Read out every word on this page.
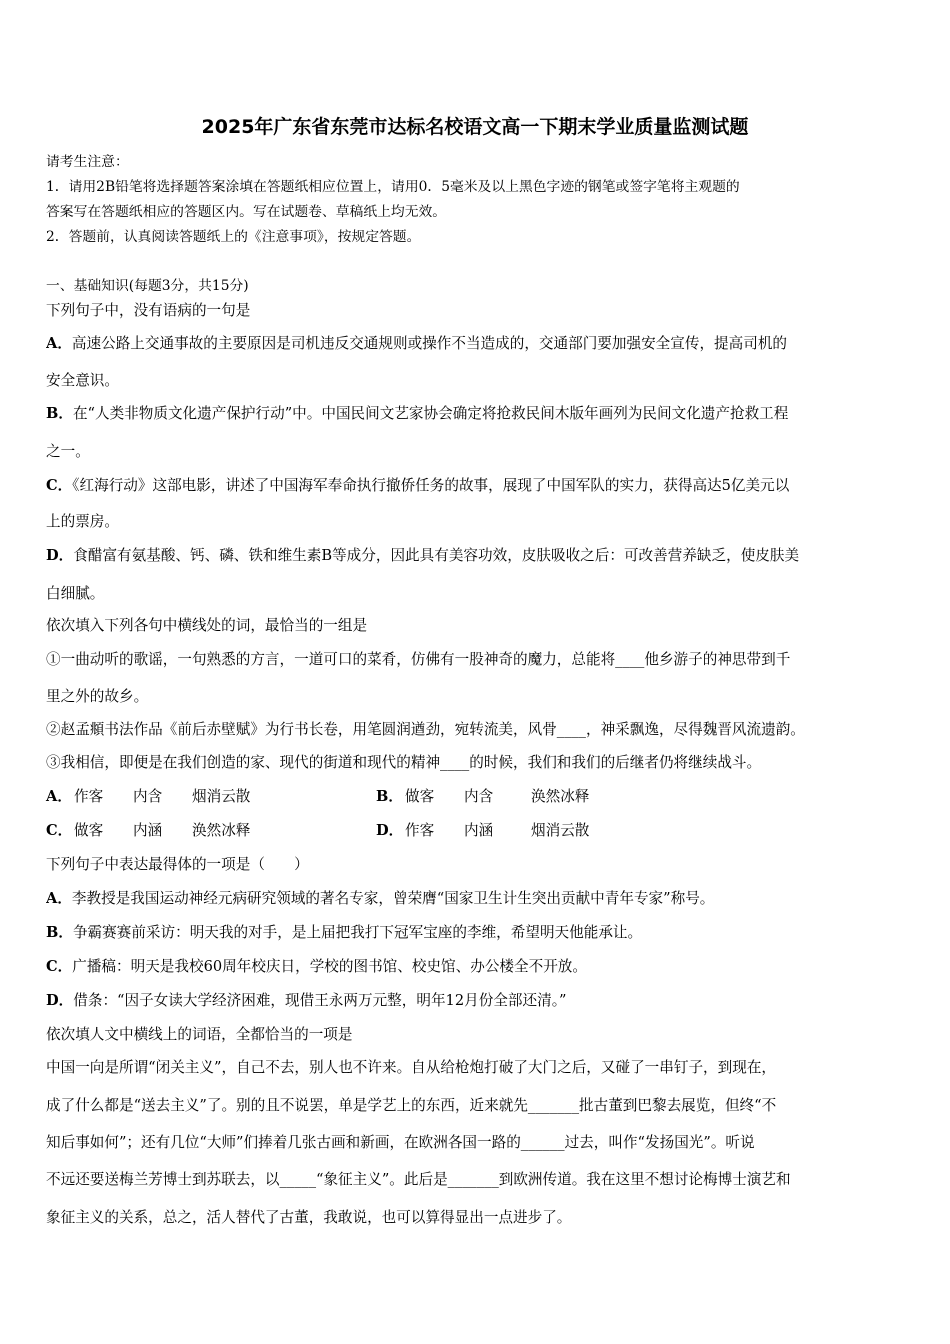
2025年广东省东莞市达标名校语文高一下期末学业质量监测试题
请考生注意：
1．请用2B铅笔将选择题答案涂填在答题纸相应位置上，请用0．5毫米及以上黑色字迹的钢笔或签字笔将主观题的
答案写在答题纸相应的答题区内。写在试题卷、草稿纸上均无效。
2．答题前，认真阅读答题纸上的《注意事项》，按规定答题。
一、基础知识(每题3分，共15分)
下列句子中，没有语病的一句是
A．高速公路上交通事故的主要原因是司机违反交通规则或操作不当造成的，交通部门要加强安全宣传，提高司机的
安全意识。
B．在“人类非物质文化遗产保护行动”中。中国民间文艺家协会确定将抢救民间木版年画列为民间文化遗产抢救工程
之一。
C．《红海行动》这部电影，讲述了中国海军奉命执行撤侨任务的故事，展现了中国军队的实力，获得高达5亿美元以
上的票房。
D．食醋富有氨基酸、钙、磷、铁和维生素B等成分，因此具有美容功效，皮肤吸收之后：可改善营养缺乏，使皮肤美
白细腻。
依次填入下列各句中横线处的词，最恰当的一组是
①一曲动听的歌谣，一句熟悉的方言，一道可口的菜肴，仿佛有一股神奇的魔力，总能将____他乡游子的神思带到千
里之外的故乡。
②赵孟頫书法作品《前后赤壁赋》为行书长卷，用笔圆润遒劲，宛转流美，风骨____，神采飘逸，尽得魏晋风流遗韵。
③我相信，即便是在我们创造的家、现代的街道和现代的精神____的时候，我们和我们的后继者仍将继续战斗。
A． 作客 内含 烟消云散	B． 做客 内含	涣然冰释
C． 做客 内涵 涣然冰释	D． 作客 内涵	烟消云散
下列句子中表达最得体的一项是（　　）
A．李教授是我国运动神经元病研究领域的著名专家，曾荣膺“国家卫生计生突出贡献中青年专家”称号。
B．争霸赛赛前采访：明天我的对手，是上届把我打下冠军宝座的李维，希望明天他能承让。
C．广播稿：明天是我校60周年校庆日，学校的图书馆、校史馆、办公楼全不开放。
D．借条：“因子女读大学经济困难，现借王永两万元整，明年12月份全部还清。”
依次填人文中横线上的词语，全都恰当的一项是
中国一向是所谓“闭关主义”，自己不去，别人也不许来。自从给枪炮打破了大门之后，又碰了一串钉子，到现在，
成了什么都是“送去主义”了。别的且不说罢，单是学艺上的东西，近来就先_______批古董到巴黎去展览，但终“不
知后事如何”；还有几位“大师”们捧着几张古画和新画，在欧洲各国一路的______过去，叫作“发扬国光”。听说
不远还要送梅兰芳博士到苏联去，以_____“象征主义”。此后是_______到欧洲传道。我在这里不想讨论梅博士演艺和
象征主义的关系，总之，活人替代了古董，我敢说，也可以算得显出一点进步了。
